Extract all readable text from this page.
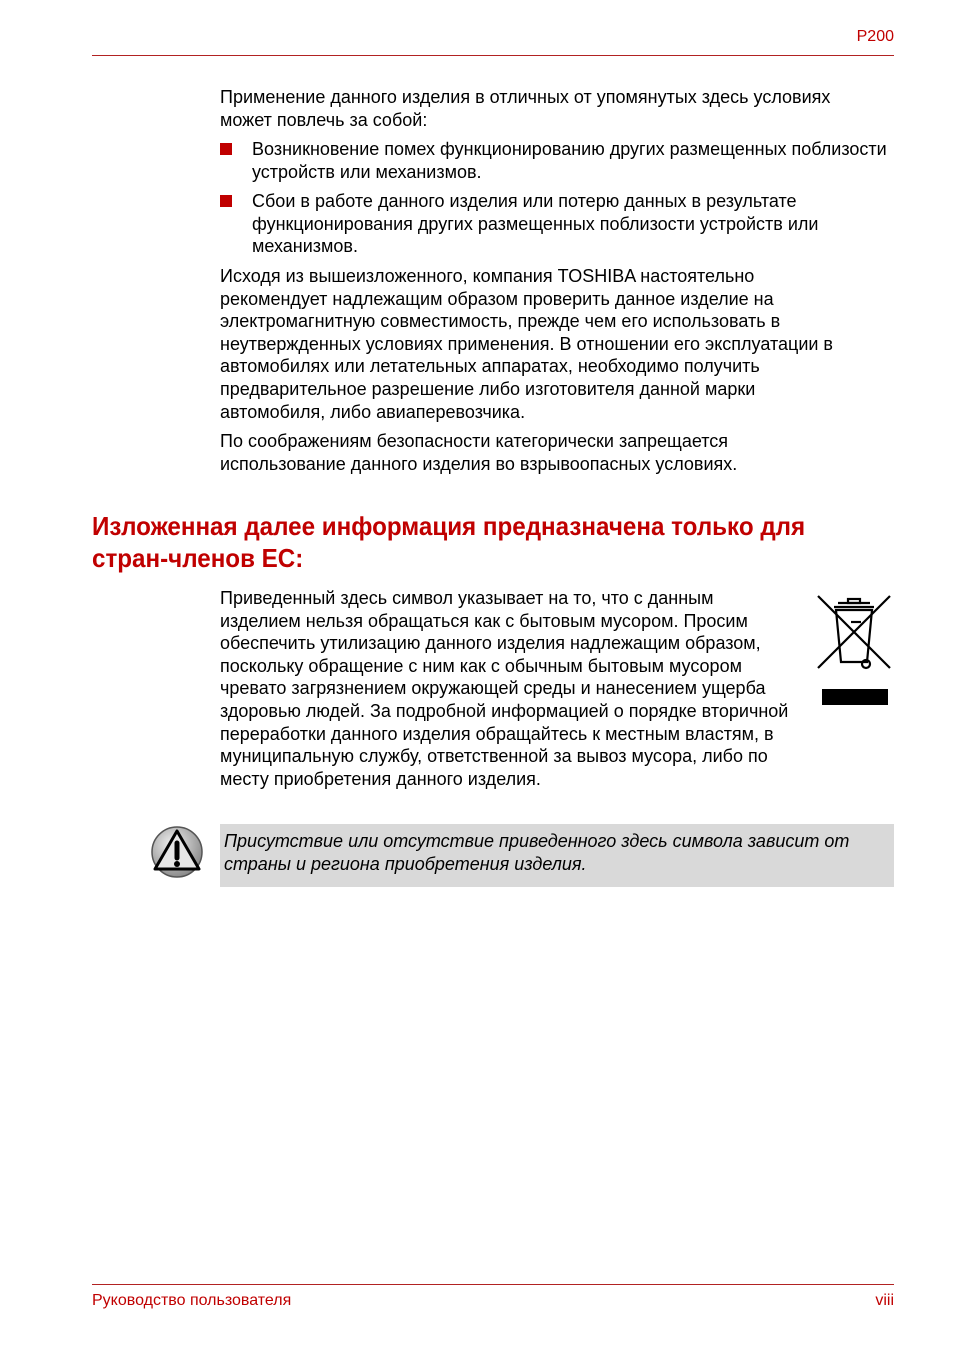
P200
Применение данного изделия в отличных от упомянутых здесь условиях может повлечь за собой:
Возникновение помех функционированию других размещенных поблизости устройств или механизмов.
Сбои в работе данного изделия или потерю данных в результате функционирования других размещенных поблизости устройств или механизмов.
Исходя из вышеизложенного, компания TOSHIBA настоятельно рекомендует надлежащим образом проверить данное изделие на электромагнитную совместимость, прежде чем его использовать в неутвержденных условиях применения. В отношении его эксплуатации в автомобилях или летательных аппаратах, необходимо получить предварительное разрешение либо изготовителя данной марки автомобиля, либо авиаперевозчика.
По соображениям безопасности категорически запрещается использование данного изделия во взрывоопасных условиях.
Изложенная далее информация предназначена только для стран-членов ЕС:
Приведенный здесь символ указывает на то, что с данным изделием нельзя обращаться как с бытовым мусором. Просим обеспечить утилизацию данного изделия надлежащим образом, поскольку обращение с ним как с обычным бытовым мусором чревато загрязнением окружающей среды и нанесением ущерба здоровью людей. За подробной информацией о порядке вторичной переработки данного изделия обращайтесь к местным властям, в муниципальную службу, ответственной за вывоз мусора, либо по месту приобретения данного изделия.
Присутствие или отсутствие приведенного здесь символа зависит от страны и региона приобретения изделия.
Руководство пользователя	viii
